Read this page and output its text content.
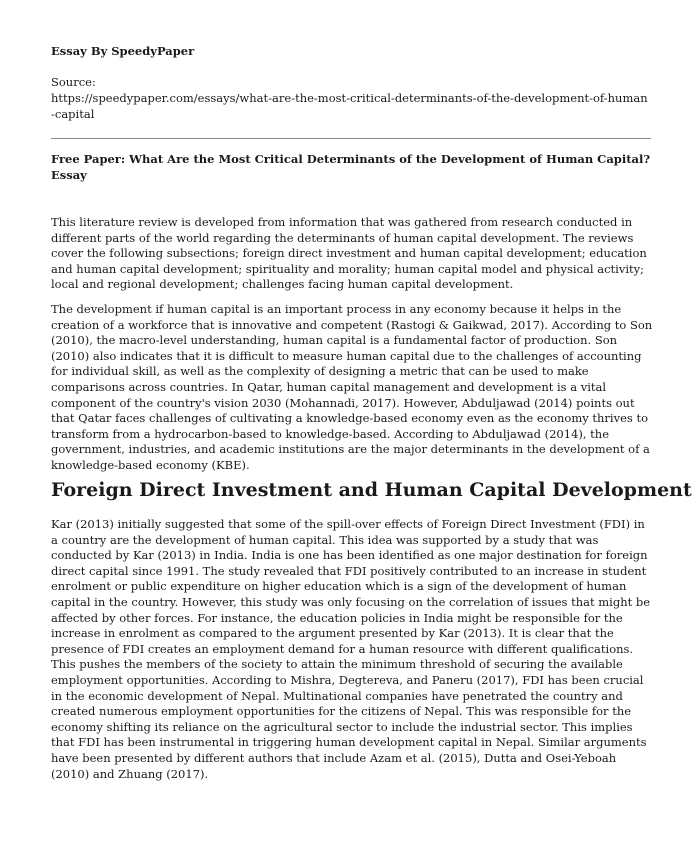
Essay By SpeedyPaper
Source:
https://speedypaper.com/essays/what-are-the-most-critical-determinants-of-the-development-of-human-capital
Free Paper: What Are the Most Critical Determinants of the Development of Human Capital? Essay

This literature review is developed from information that was gathered from research conducted in different parts of the world regarding the determinants of human capital development. The reviews cover the following subsections; foreign direct investment and human capital development; education and human capital development; spirituality and morality; human capital model and physical activity; local and regional development; challenges facing human capital development.

The development if human capital is an important process in any economy because it helps in the creation of a workforce that is innovative and competent (Rastogi & Gaikwad, 2017). According to Son (2010), the macro-level understanding, human capital is a fundamental factor of production. Son (2010) also indicates that it is difficult to measure human capital due to the challenges of accounting for individual skill, as well as the complexity of designing a metric that can be used to make comparisons across countries. In Qatar, human capital management and development is a vital component of the country's vision 2030 (Mohannadi, 2017). However, Abduljawad (2014) points out that Qatar faces challenges of cultivating a knowledge-based economy even as the economy thrives to transform from a hydrocarbon-based to knowledge-based. According to Abduljawad (2014), the government, industries, and academic institutions are the major determinants in the development of a knowledge-based economy (KBE).

Foreign Direct Investment and Human Capital Development

Kar (2013) initially suggested that some of the spill-over effects of Foreign Direct Investment (FDI) in a country are the development of human capital. This idea was supported by a study that was conducted by Kar (2013) in India. India is one has been identified as one major destination for foreign direct capital since 1991. The study revealed that FDI positively contributed to an increase in student enrolment or public expenditure on higher education which is a sign of the development of human capital in the country. However, this study was only focusing on the correlation of issues that might be affected by other forces. For instance, the education policies in India might be responsible for the increase in enrolment as compared to the argument presented by Kar (2013). It is clear that the presence of FDI creates an employment demand for a human resource with different qualifications. This pushes the members of the society to attain the minimum threshold of securing the available employment opportunities. According to Mishra, Degtereva, and Paneru (2017), FDI has been crucial in the economic development of Nepal. Multinational companies have penetrated the country and created numerous employment opportunities for the citizens of Nepal. This was responsible for the economy shifting its reliance on the agricultural sector to include the industrial sector. This implies that FDI has been instrumental in triggering human development capital in Nepal. Similar arguments have been presented by different authors that include Azam et al. (2015), Dutta and Osei-Yeboah (2010) and Zhuang (2017).
